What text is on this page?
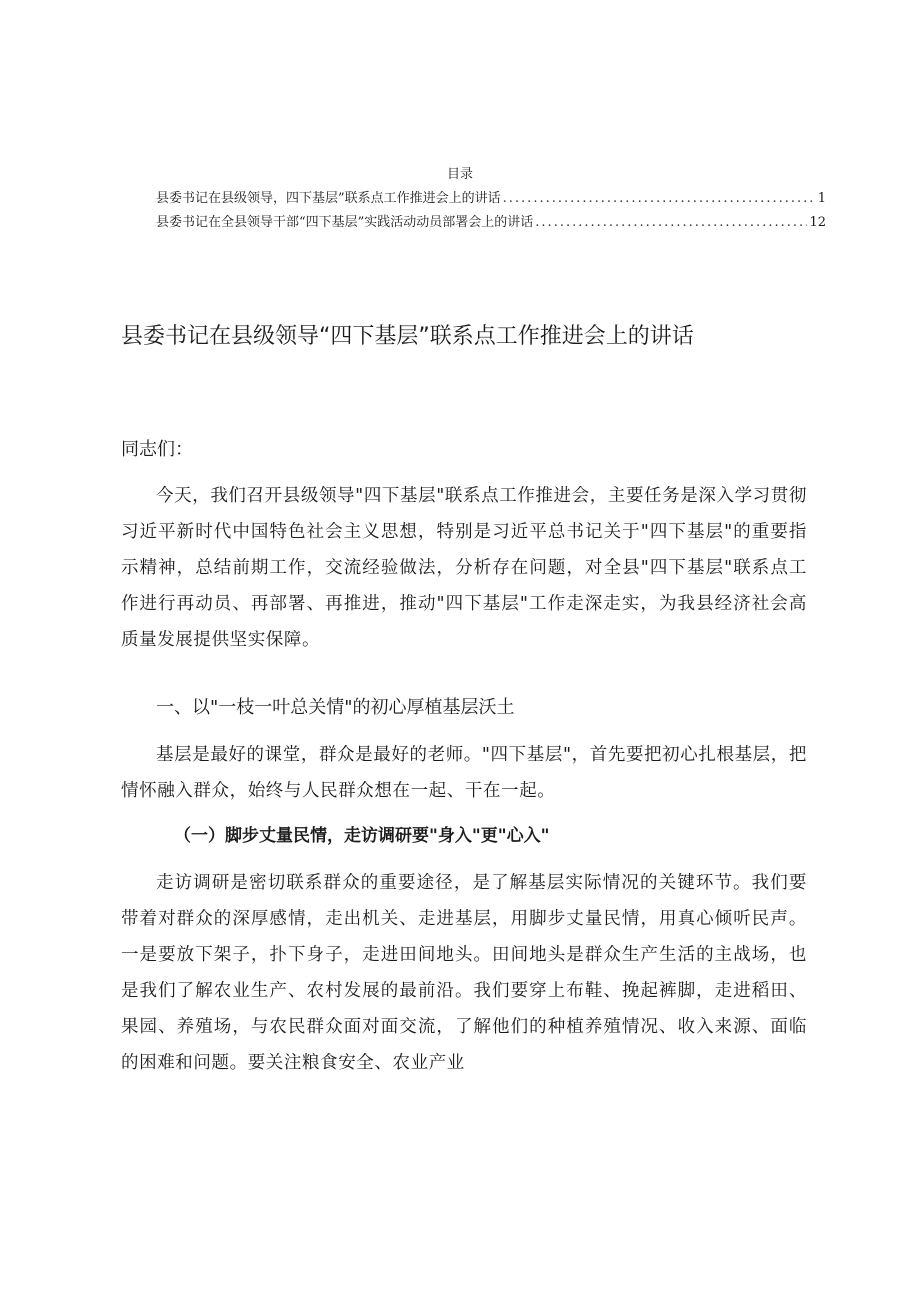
目录
县委书记在县级领导，四下基层”联系点工作推进会上的讲话 .....	1
县委书记在全县领导干部“四下基层”实践活动动员部署会上的讲话 .....	12
县委书记在县级领导“四下基层”联系点工作推进会上的讲话
同志们：

今天，我们召开县级领导"四下基层"联系点工作推进会，主要任务是深入学习贯彻习近平新时代中国特色社会主义思想，特别是习近平总书记关于"四下基层"的重要指示精神，总结前期工作，交流经验做法，分析存在问题，对全县"四下基层"联系点工作进行再动员、再部署、再推进，推动"四下基层"工作走深走实，为我县经济社会高质量发展提供坚实保障。

一、以"一枝一叶总关情"的初心厚植基层沃土

基层是最好的课堂，群众是最好的老师。"四下基层"，首先要把初心扎根基层，把情怀融入群众，始终与人民群众想在一起、干在一起。

（一）脚步丈量民情，走访调研要"身入"更"心入"

走访调研是密切联系群众的重要途径，是了解基层实际情况的关键环节。我们要带着对群众的深厚感情，走出机关、走进基层，用脚步丈量民情，用真心倾听民声。一是要放下架子，扑下身子，走进田间地头。田间地头是群众生产生活的主战场，也是我们了解农业生产、农村发展的最前沿。我们要穿上布鞋、挽起裤脚，走进稻田、果园、养殖场，与农民群众面对面交流，了解他们的种植养殖情况、收入来源、面临的困难和问题。要关注粮食安全、农业产业
